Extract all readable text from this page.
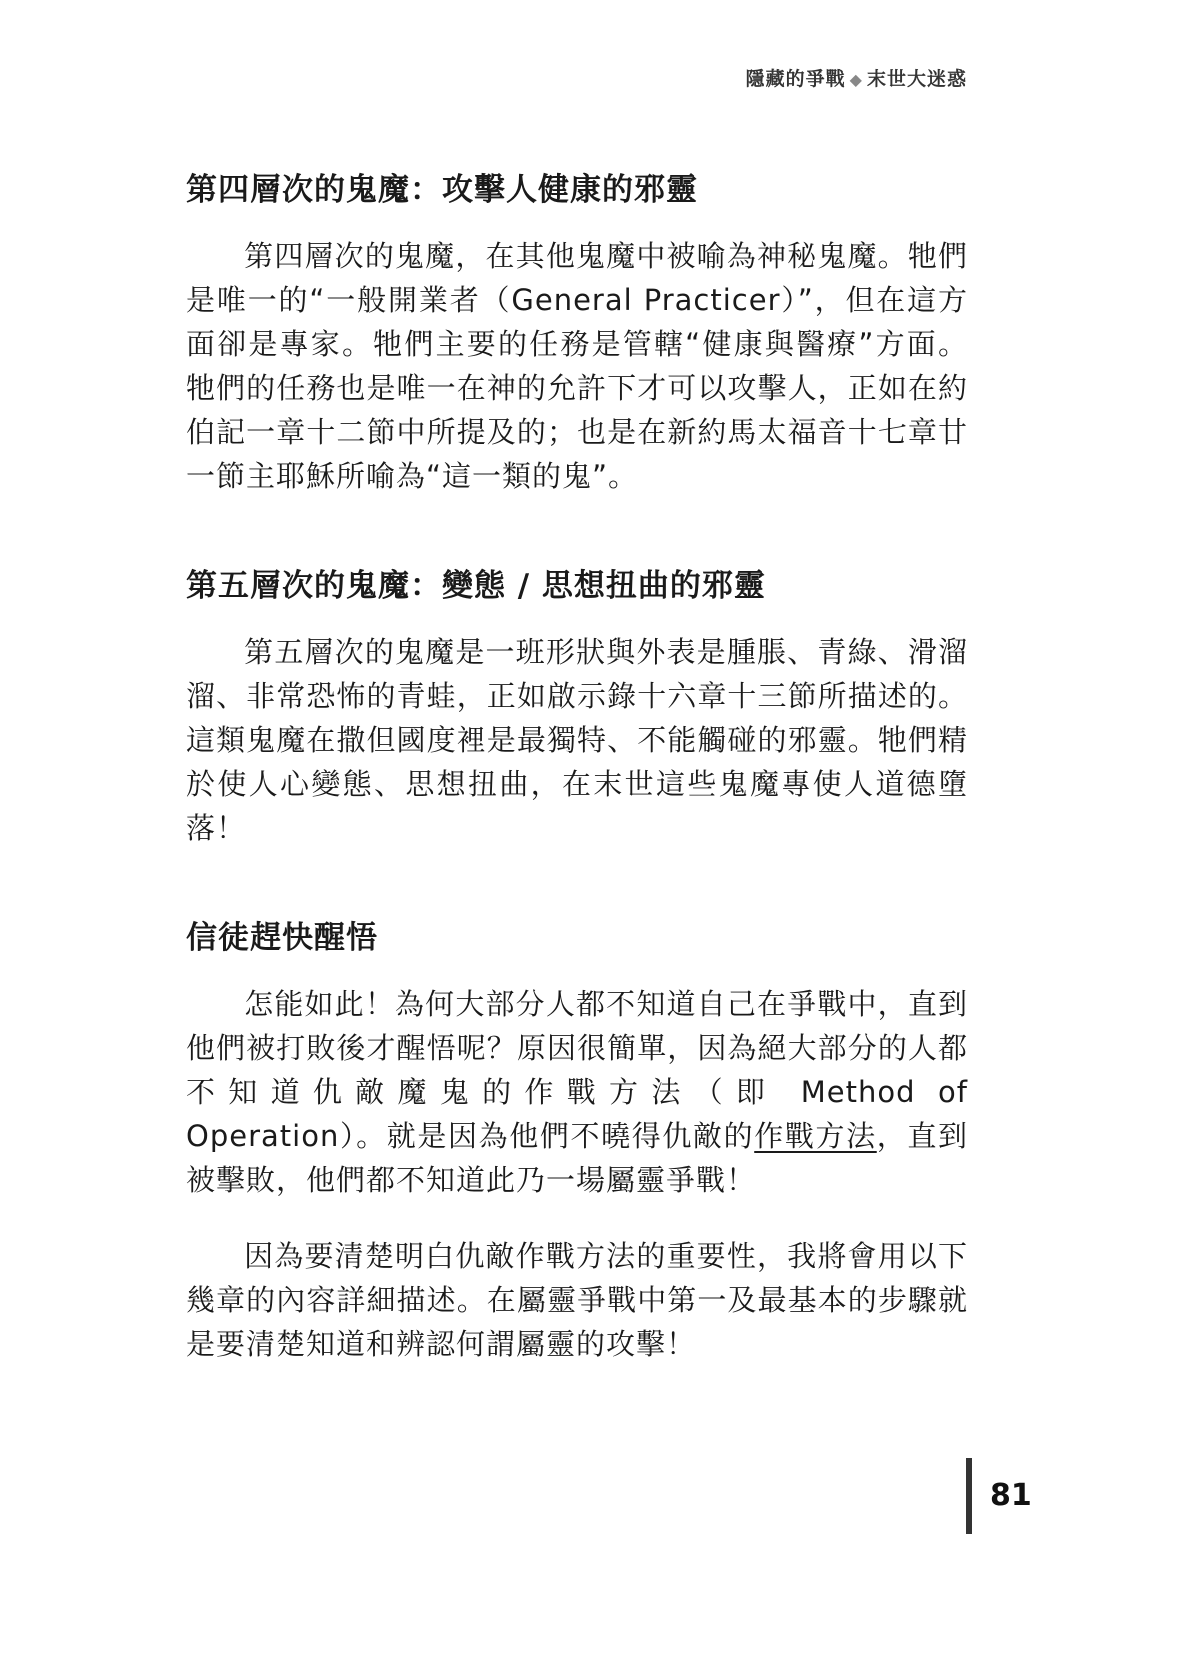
隱藏的爭戰 ◆ 末世大迷惑
第四層次的鬼魔：攻擊人健康的邪靈

第四層次的鬼魔，在其他鬼魔中被喻為神秘鬼魔。牠們是唯一的“一般開業者（General Practicer）”，但在這方面卻是專家。牠們主要的任務是管轄“健康與醫療”方面。牠們的任務也是唯一在神的允許下才可以攻擊人，正如在約伯記一章十二節中所提及的；也是在新約馬太福音十七章廿一節主耶穌所喻為“這一類的鬼”。

第五層次的鬼魔：變態 / 思想扭曲的邪靈

第五層次的鬼魔是一班形狀與外表是腫脹、青綠、滑溜溜、非常恐怖的青蛙，正如啟示錄十六章十三節所描述的。這類鬼魔在撒但國度裡是最獨特、不能觸碰的邪靈。牠們精於使人心變態、思想扭曲，在末世這些鬼魔專使人道德墮落！

信徒趕快醒悟

怎能如此！為何大部分人都不知道自己在爭戰中，直到他們被打敗後才醒悟呢？原因很簡單，因為絕大部分的人都不知道仇敵魔鬼的作戰方法（即 Method of Operation）。就是因為他們不曉得仇敵的作戰方法，直到被擊敗，他們都不知道此乃一場屬靈爭戰！

因為要清楚明白仇敵作戰方法的重要性，我將會用以下幾章的內容詳細描述。在屬靈爭戰中第一及最基本的步驟就是要清楚知道和辨認何謂屬靈的攻擊！

81
